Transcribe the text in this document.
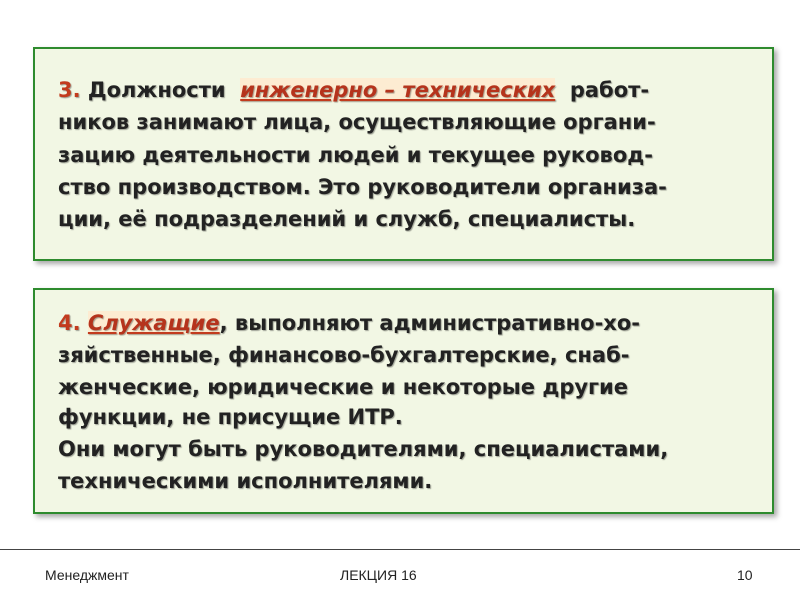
3. Должности  инженерно – технических  работ-
ников занимают лица, осуществляющие органи-
зацию деятельности людей и текущее руковод-
ство производством. Это руководители организа-
ции, её подразделений и служб, специалисты.
4. Служащие, выполняют административно-хо-
зяйственные, финансово-бухгалтерские, снаб-
женческие, юридические и некоторые другие
функции, не присущие ИТР.
Они могут быть руководителями, специалистами,
техническими исполнителями.
Менеджмент	ЛЕКЦИЯ 16	10
